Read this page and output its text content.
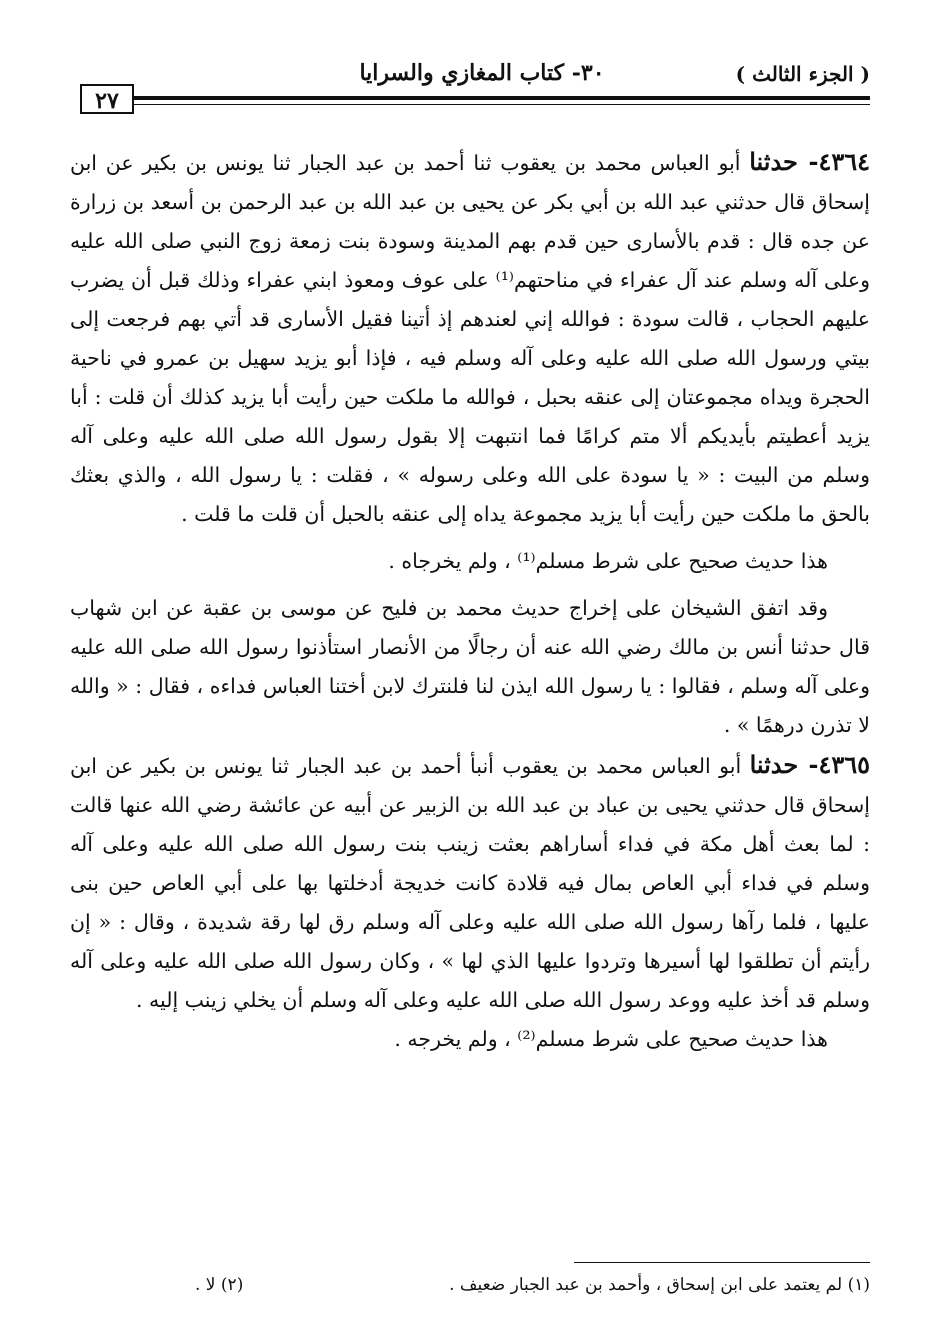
٢٧
( الجزء الثالث )
٣٠- كتاب المغازي والسرايا

٤٣٦٤- حدثنا أبو العباس محمد بن يعقوب ثنا أحمد بن عبد الجبار ثنا يونس بن بكير عن ابن إسحاق قال حدثني عبد الله بن أبي بكر عن يحيى بن عبد الله بن عبد الرحمن بن أسعد بن زرارة عن جده قال : قدم بالأسارى حين قدم بهم المدينة وسودة بنت زمعة زوج النبي صلى الله عليه وعلى آله وسلم عند آل عفراء في مناحتهم⁽¹⁾ على عوف ومعوذ ابني عفراء وذلك قبل أن يضرب عليهم الحجاب ، قالت سودة : فوالله إني لعندهم إذ أتينا فقيل الأسارى قد أتي بهم فرجعت إلى بيتي ورسول الله صلى الله عليه وعلى آله وسلم فيه ، فإذا أبو يزيد سهيل بن عمرو في ناحية الحجرة ويداه مجموعتان إلى عنقه بحبل ، فوالله ما ملكت حين رأيت أبا يزيد كذلك أن قلت : أبا يزيد أعطيتم بأيديكم ألا متم كرامًا فما انتبهت إلا بقول رسول الله صلى الله عليه وعلى آله وسلم من البيت : « يا سودة على الله وعلى رسوله » ، فقلت : يا رسول الله ، والذي بعثك بالحق ما ملكت حين رأيت أبا يزيد مجموعة يداه إلى عنقه بالحبل أن قلت ما قلت .

هذا حديث صحيح على شرط مسلم⁽¹⁾ ، ولم يخرجاه .

وقد اتفق الشيخان على إخراج حديث محمد بن فليح عن موسى بن عقبة عن ابن شهاب قال حدثنا أنس بن مالك رضي الله عنه أن رجالًا من الأنصار استأذنوا رسول الله صلى الله عليه وعلى آله وسلم ، فقالوا : يا رسول الله ايذن لنا فلنترك لابن أختنا العباس فداءه ، فقال : « والله لا تذرن درهمًا » .

٤٣٦٥- حدثنا أبو العباس محمد بن يعقوب أنبأ أحمد بن عبد الجبار ثنا يونس بن بكير عن ابن إسحاق قال حدثني يحيى بن عباد بن عبد الله بن الزبير عن أبيه عن عائشة رضي الله عنها قالت : لما بعث أهل مكة في فداء أساراهم بعثت زينب بنت رسول الله صلى الله عليه وعلى آله وسلم في فداء أبي العاص بمال فيه قلادة كانت خديجة أدخلتها بها على أبي العاص حين بنى عليها ، فلما رآها رسول الله صلى الله عليه وعلى آله وسلم رق لها رقة شديدة ، وقال : « إن رأيتم أن تطلقوا لها أسيرها وتردوا عليها الذي لها » ، وكان رسول الله صلى الله عليه وعلى آله وسلم قد أخذ عليه ووعد رسول الله صلى الله عليه وعلى آله وسلم أن يخلي زينب إليه .

هذا حديث صحيح على شرط مسلم⁽²⁾ ، ولم يخرجه .

(١) لم يعتمد على ابن إسحاق ، وأحمد بن عبد الجبار ضعيف .
(٢) لا .
